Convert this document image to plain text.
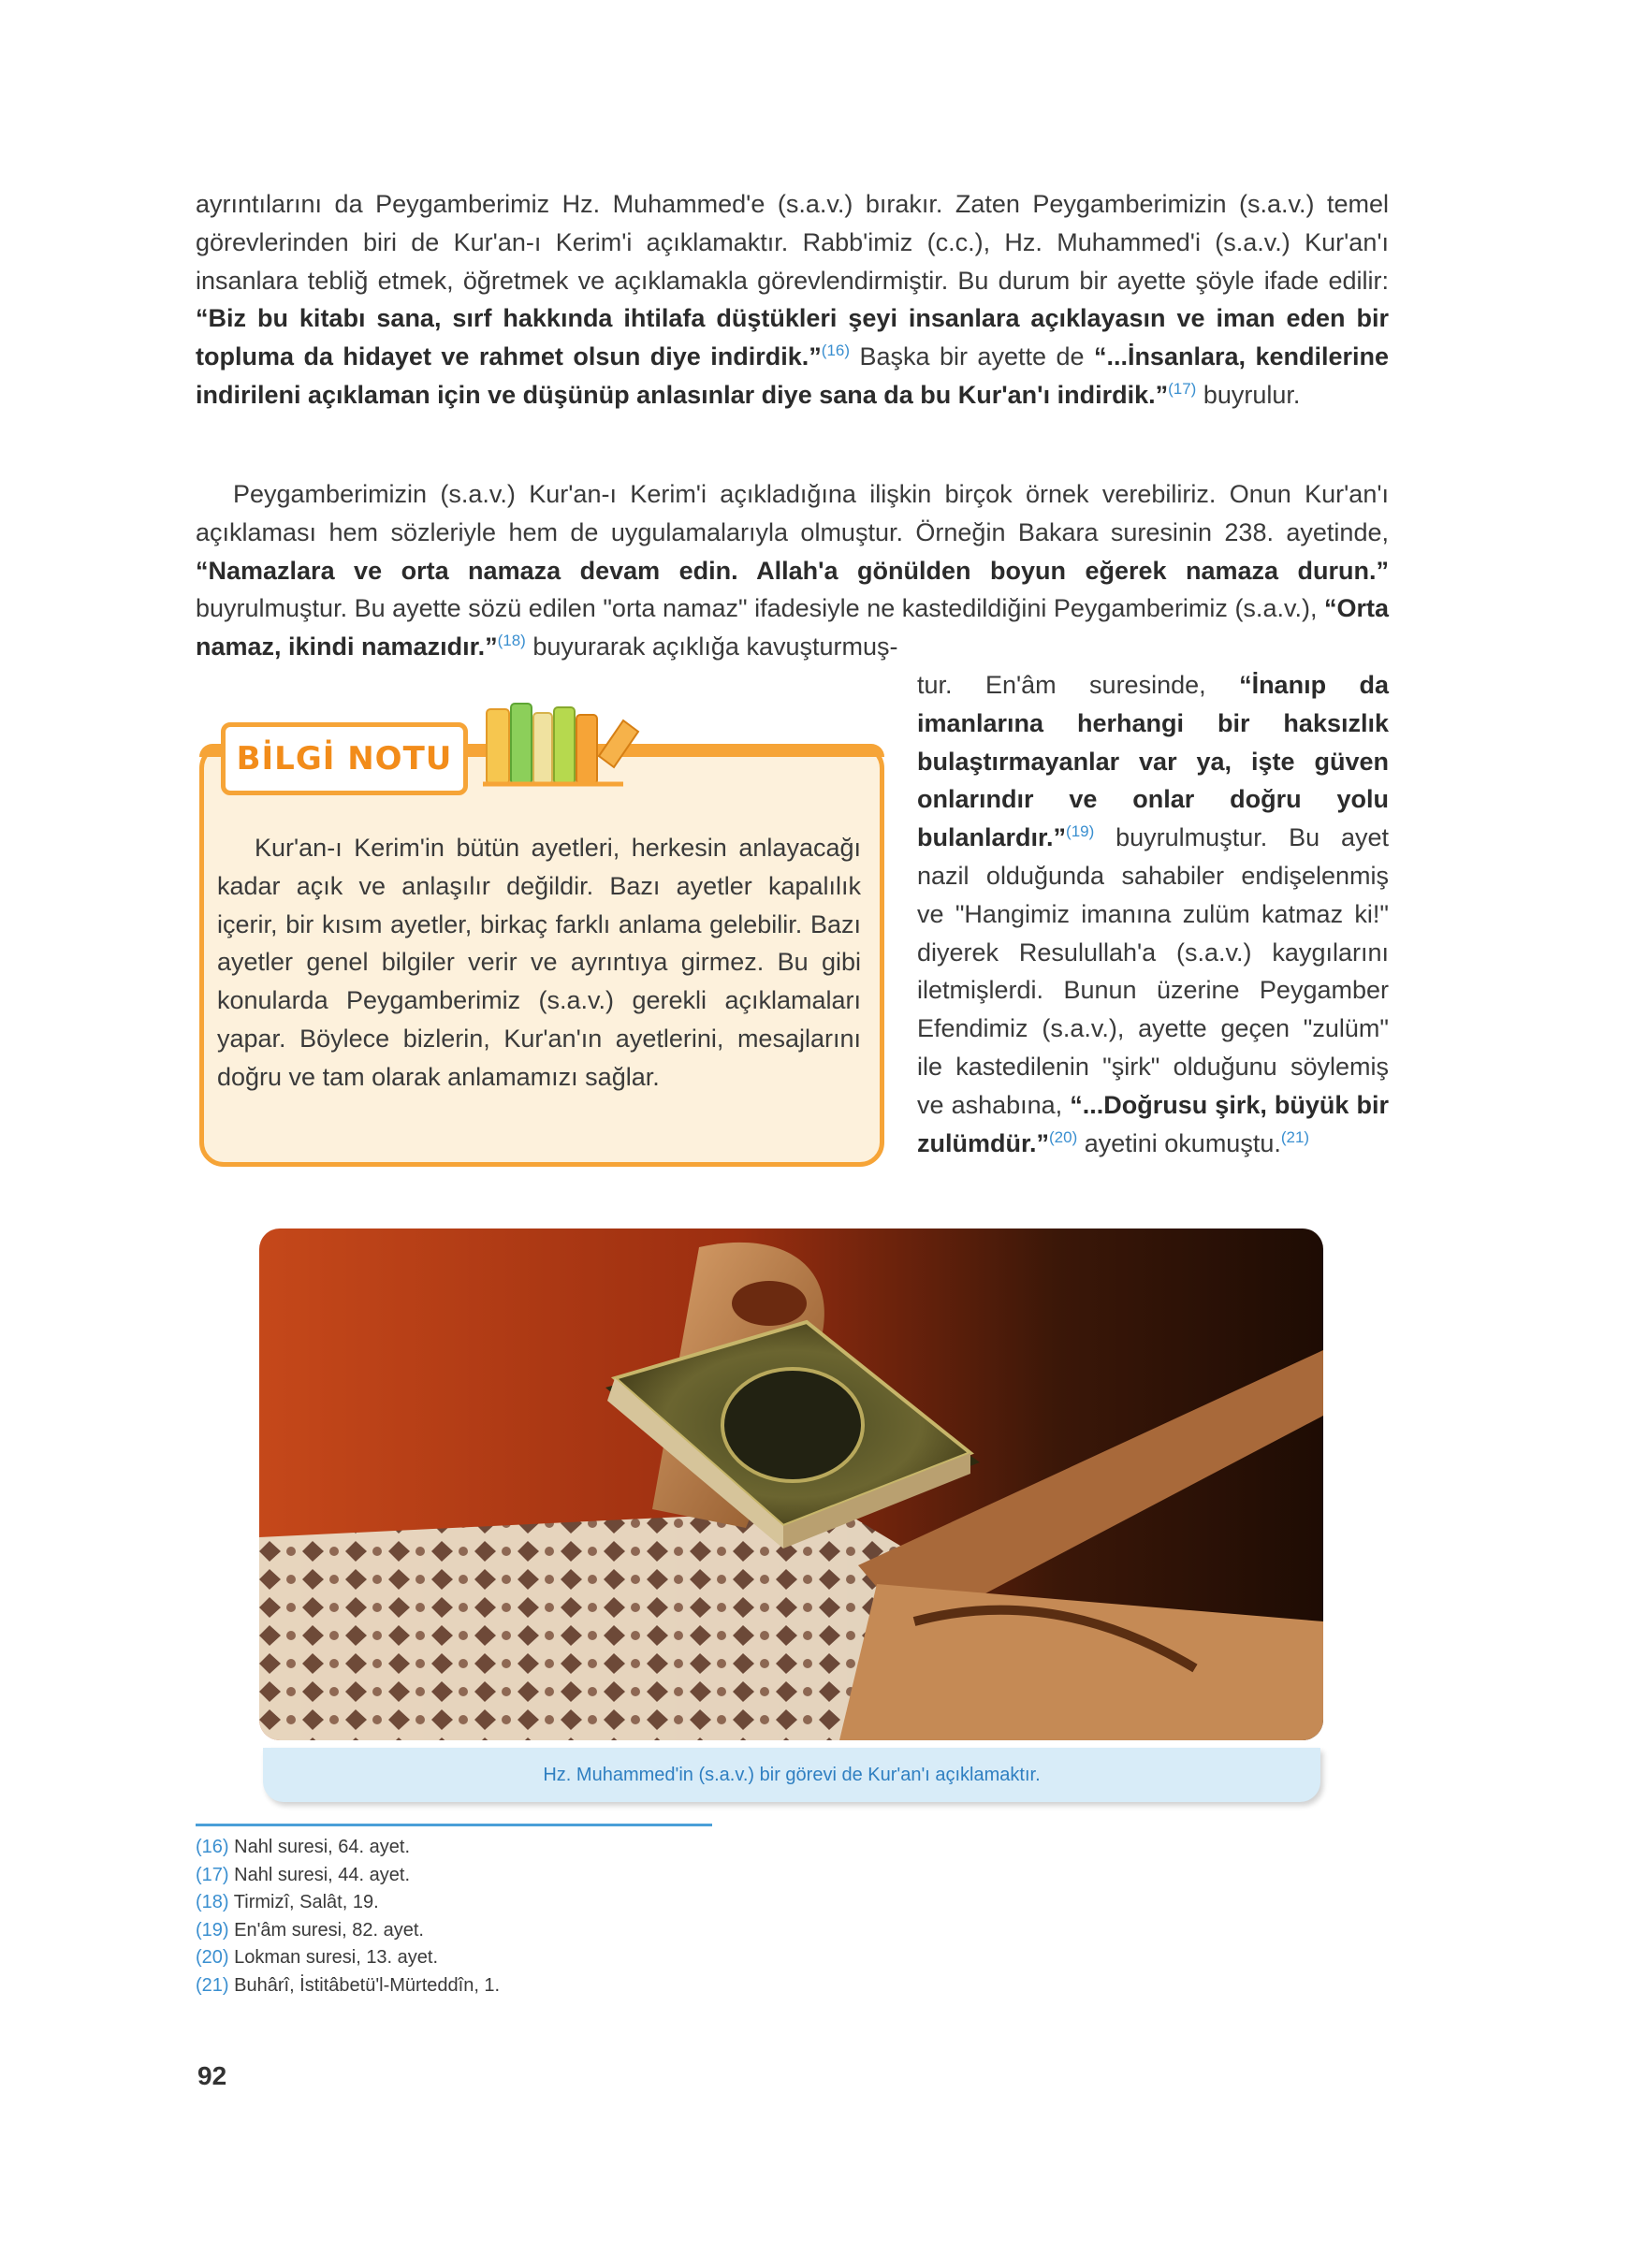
ayrıntılarını da Peygamberimiz Hz. Muhammed'e (s.a.v.) bırakır. Zaten Peygamberimizin (s.a.v.) temel görevlerinden biri de Kur'an-ı Kerim'i açıklamaktır. Rabb'imiz (c.c.), Hz. Muhammed'i (s.a.v.) Kur'an'ı insanlara tebliğ etmek, öğretmek ve açıklamakla görevlendirmiştir. Bu durum bir ayette şöyle ifade edilir: “Biz bu kitabı sana, sırf hakkında ihtilafa düştükleri şeyi insanlara açıklayasın ve iman eden bir topluma da hidayet ve rahmet olsun diye indirdik.”$^{(16)}$ Başka bir ayette de “...İnsanlara, kendilerine indirileni açıklaman için ve düşünüp anlasınlar diye sana da bu Kur'an'ı indirdik.”$^{(17)}$ buyrulur.
Peygamberimizin (s.a.v.) Kur'an-ı Kerim'i açıkladığına ilişkin birçok örnek verebiliriz. Onun Kur'an'ı açıklaması hem sözleriyle hem de uygulamalarıyla olmuştur. Örneğin Bakara suresinin 238. ayetinde, “Namazlara ve orta namaza devam edin. Allah'a gönülden boyun eğerek namaza durun.” buyrulmuştur. Bu ayette sözü edilen "orta namaz" ifadesiyle ne kastedildiğini Peygamberimiz (s.a.v.), “Orta namaz, ikindi namazıdır.”$^{(18)}$ buyurarak açıklığa kavuşturmuş-
tur. En'âm suresinde, “İnanıp da imanlarına herhangi bir haksızlık bulaştırmayanlar var ya, işte güven onlarındır ve onlar doğru yolu bulanlardır.”$^{(19)}$ buyrulmuştur. Bu ayet nazil olduğunda sahabiler endişelenmiş ve "Hangimiz imanına zulüm katmaz ki!" diyerek Resulullah'a (s.a.v.) kaygılarını iletmişlerdi. Bunun üzerine Peygamber Efendimiz (s.a.v.), ayette geçen "zulüm" ile kastedilenin "şirk" olduğunu söylemiş ve ashabına, “...Doğrusu şirk, büyük bir zulümdür.”$^{(20)}$ ayetini okumuştu.$^{(21)}$
BİLGİ NOTU
Kur'an-ı Kerim'in bütün ayetleri, herkesin anlayacağı kadar açık ve anlaşılır değildir. Bazı ayetler kapalılık içerir, bir kısım ayetler, birkaç farklı anlama gelebilir. Bazı ayetler genel bilgiler verir ve ayrıntıya girmez. Bu gibi konularda Peygamberimiz (s.a.v.) gerekli açıklamaları yapar. Böylece bizlerin, Kur'an'ın ayetlerini, mesajlarını doğru ve tam olarak anlamamızı sağlar.
Hz. Muhammed'in (s.a.v.) bir görevi de Kur'an'ı açıklamaktır.
(16) Nahl suresi, 64. ayet.
(17) Nahl suresi, 44. ayet.
(18) Tirmizî, Salât, 19.
(19) En'âm suresi, 82. ayet.
(20) Lokman suresi, 13. ayet.
(21) Buhârî, İstitâbetü'l-Mürteddîn, 1.
92
